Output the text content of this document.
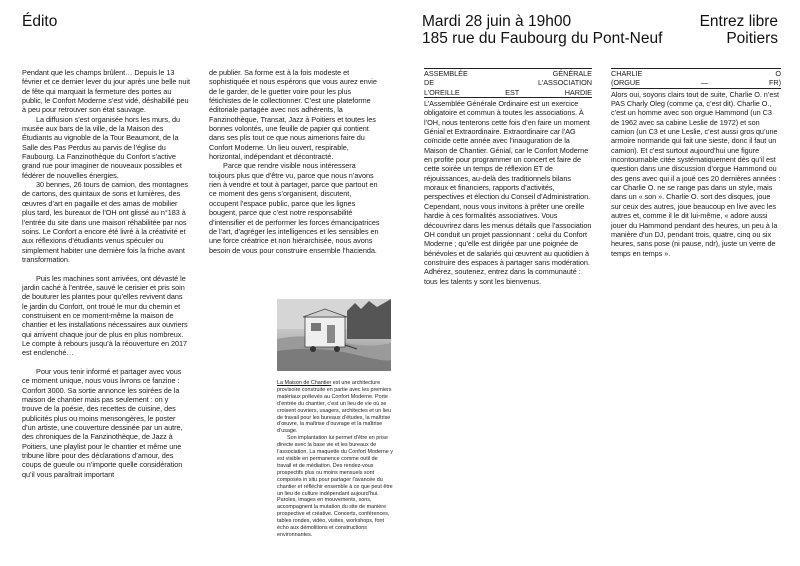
Édito	Mardi 28 juin à 19h00
185 rue du Faubourg du Pont-Neuf
Entrez libre
Poitiers

Pendant que les champs brûlent… Depuis le 13 février et ce dernier lever du jour après une belle nuit de fête qui marquait la fermeture des portes au public, le Confort Moderne s’est vidé, déshabillé peu à peu pour retrouver son état sauvage.

La diffusion s’est organisée hors les murs, du musée aux bars de la ville, de la Maison des Étudiants au vignoble de la Tour Beaumont, de la Salle des Pas Perdus au parvis de l’église du Faubourg. La Fanzinothèque du Confort s’active grand rue pour imaginer de nouveaux possibles et fédérer de nouvelles énergies.

30 bennes, 26 tours de camion, des montagnes de cartons, des quintaux de sons et lumières, des œuvres d’art en pagaille et des amas de mobilier plus tard, les bureaux de l’OH ont glissé au n°183 à l’entrée du site dans une maison réhabilitée par nos soins. Le Confort a encore été livré à la créativité et aux réflexions d’étudiants venus spéculer ou simplement habiter une dernière fois la friche avant transformation.

Puis les machines sont arrivées, ont dévasté le jardin caché à l’entrée, sauvé le cerisier et pris soin de bouturer les plantes pour qu’elles revivent dans le jardin du Confort, ont troué le mur du chemin et construisent en ce moment-même la maison de chantier et les installations nécessaires aux ouvriers qui arrivent chaque jour de plus en plus nombreux. Le compte à rebours jusqu’à la réouverture en 2017 est enclenché…

Pour vous tenir informé et partager avec vous ce moment unique, nous vous livrons ce fanzine : Confort 3000. Sa sortie annonce les soirées de la maison de chantier mais pas seulement : on y trouve de la poésie, des recettes de cuisine, des publicités plus ou moins mensongères, le poster d’un artiste, une couverture dessinée par un autre, des chroniques de la Fanzinothèque, de Jazz à Poitiers, une playlist pour le chantier et même une tribune libre pour des déclarations d’amour, des coups de gueule ou n’importe quelle considération qu’il vous paraîtrait important

de publier. Sa forme est à la fois modeste et sophistiquée et nous espérons que vous aurez envie de le garder, de le guetter voire pour les plus fétichistes de le collectionner. C’est une plateforme éditoriale partagée avec nos adhérents, la Fanzinothèque, Transat, Jazz à Poitiers et toutes les bonnes volontés, une feuille de papier qui contient dans ses plis tout ce que nous aimerions faire du Confort Moderne. Un lieu ouvert, respirable, horizontal, indépendant et décontracté.

Parce que rendre visible nous intéressera toujours plus que d’être vu, parce que nous n’avons rien à vendre et tout à partager, parce que partout en ce moment des gens s’organisent, discutent, occupent l’espace public, parce que les lignes bougent, parce que c’est notre responsabilité d’intensifier et de performer les forces émancipatrices de l’art, d’agréger les intelligences et les sensibles en une force créatrice et non hiérarchisée, nous avons besoin de vous pour construire ensemble l’hacienda.

La Maison de Chantier est une architecture provisoire construite en partie avec les premiers matériaux prélevés au Confort Moderne. Porte d’entrée du chantier, c’est un lieu de vie où se croisent ouvriers, usagers, architectes et un lieu de travail pour les bureaux d’études, la maîtrise d’œuvre, la maîtrise d’ouvrage et la maîtrise d’usage.

Son implantation lui permet d’être en prise directe avec la base vie et les bureaux de l’association. La maquette du Confort Moderne y est visible en permanence comme outil de travail et de médiation. Des rendez-vous prospectifs plus ou moins mensuels sont composés in situ pour partager l’avancée du chantier et réfléchir ensemble à ce que peut être un lieu de culture indépendant aujourd’hui. Paroles, images en mouvements, sons, accompagnent la mutation du site de manière prospective et créative. Concerts, conférences, tables rondes, vidéo, visites, workshops, font écho aux démolitions et constructions environnantes.

ASSEMBLÉE	GÉNÉRALE
DE	L’ASSOCIATION
L’OREILLE	EST	HARDIE

L’Assemblée Générale Ordinaire est un exercice obligatoire et commun à toutes les associations. À l’OH, nous tenterons cette fois d’en faire un moment Génial et Extraordinaire. Extraordinaire car l’AG coïncide cette année avec l’inauguration de la Maison de Chantier. Génial, car le Confort Moderne en profite pour programmer un concert et faire de cette soirée un temps de réflexion ET de réjouissances, au-delà des traditionnels bilans moraux et financiers, rapports d’activités, perspectives et élection du Conseil d’Administration. Cependant, nous vous invitons à prêter une oreille hardie à ces formalités associatives. Vous découvrirez dans les menus détails que l’association OH conduit un projet passionnant : celui du Confort Moderne ; qu’elle est dirigée par une poignée de bénévoles et de salariés qui œuvrent au quotidien à construire des espaces à partager sans modération. Adhérez, soutenez, entrez dans la communauté : tous les talents y sont les bienvenus.

CHARLIE	O
(ORGUE	—	FR)

Alors oui, soyons clairs tout de suite, Charlie O. n’est PAS Charly Oleg (comme ça, c’est dit). Charlie O., c’est un homme avec son orgue Hammond (un C3 de 1962 avec sa cabine Leslie de 1972) et son camion (un C3 et une Leslie, c’est aussi gros qu’une armoire normande qui fait une sieste, donc il faut un camion). Et c’est surtout aujourd’hui une figure incontournable citée systématiquement dès qu’il est question dans une discussion d’orgue Hammond ou des gens avec qui il a joué ces 20 dernières années : car Charlie O. ne se range pas dans un style, mais dans un « son ». Charlie O. sort des disques, joue sur ceux des autres, joue beaucoup en live avec les autres et, comme il le dit lui-même, « adore aussi jouer du Hammond pendant des heures, un peu à la manière d’un DJ, pendant trois, quatre, cinq ou six heures, sans pose (ni pause, ndr), juste un verre de temps en temps ».
